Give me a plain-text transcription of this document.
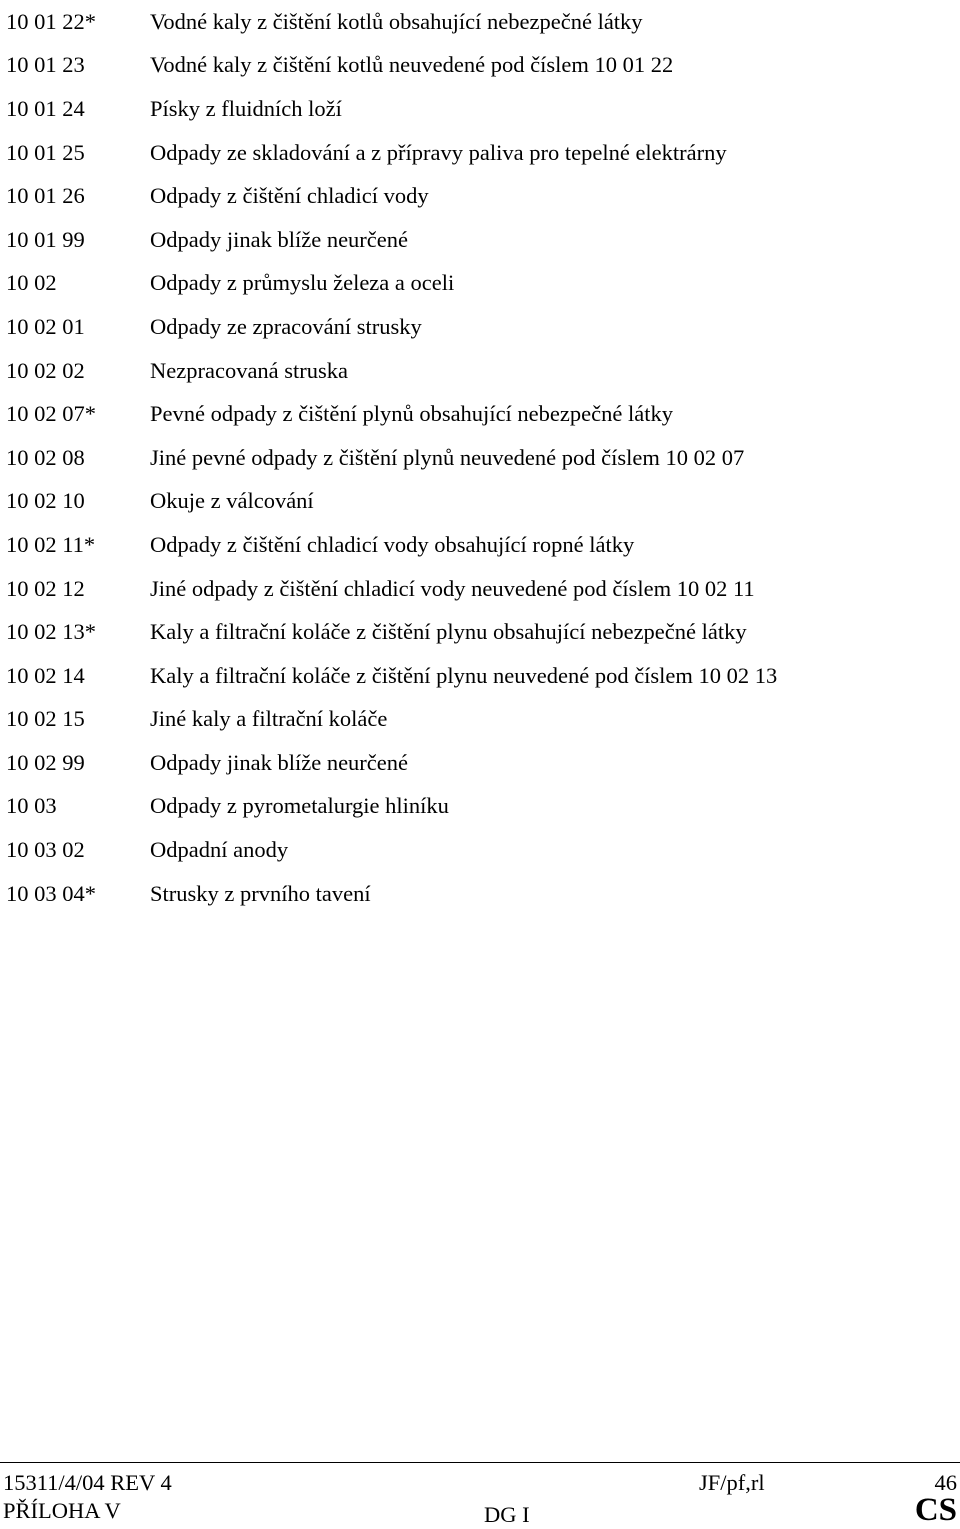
10 01 22*	Vodné kaly z čištění kotlů obsahující nebezpečné látky
10 01 23	Vodné kaly z čištění kotlů neuvedené pod číslem 10 01 22
10 01 24	Písky z fluidních loží
10 01 25	Odpady ze skladování a z přípravy paliva pro tepelné elektrárny
10 01 26	Odpady z čištění chladicí vody
10 01 99	Odpady jinak blíže neurčené
10 02	Odpady z průmyslu železa a oceli
10 02 01	Odpady ze zpracování strusky
10 02 02	Nezpracovaná struska
10 02 07*	Pevné odpady z čištění plynů obsahující nebezpečné látky
10 02 08	Jiné pevné odpady z čištění plynů neuvedené pod číslem 10 02 07
10 02 10	Okuje z válcování
10 02 11*	Odpady z čištění chladicí vody obsahující ropné látky
10 02 12	Jiné odpady z čištění chladicí vody neuvedené pod číslem 10 02 11
10 02 13*	Kaly a filtrační koláče z čištění plynu obsahující nebezpečné látky
10 02 14	Kaly a filtrační koláče z čištění plynu neuvedené pod číslem 10 02 13
10 02 15	Jiné kaly a filtrační koláče
10 02 99	Odpady jinak blíže neurčené
10 03	Odpady z pyrometalurgie hliníku
10 03 02	Odpadní anody
10 03 04*	Strusky z prvního tavení
15311/4/04 REV 4	JF/pf,rl	46
PŘÍLOHA V	DG I	CS
